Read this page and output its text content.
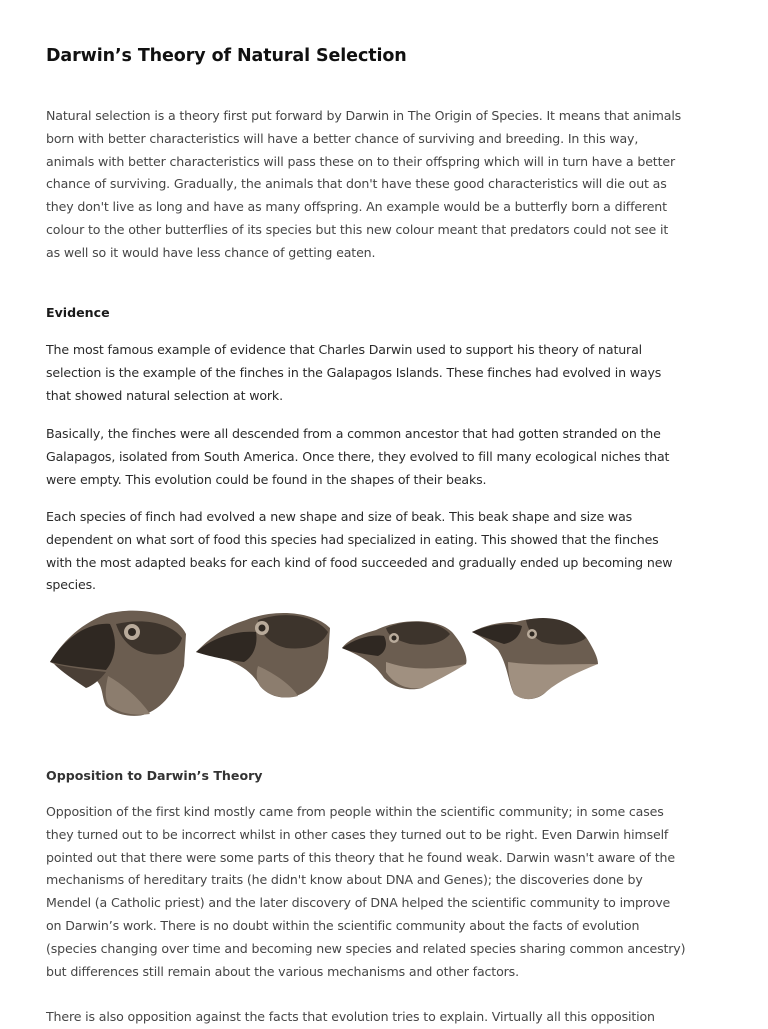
Darwin’s Theory of Natural Selection

Natural selection is a theory first put forward by Darwin in The Origin of Species. It means that animals
born with better characteristics will have a better chance of surviving and breeding. In this way,
animals with better characteristics will pass these on to their offspring which will in turn have a better
chance of surviving. Gradually, the animals that don't have these good characteristics will die out as
they don't live as long and have as many offspring. An example would be a butterfly born a different
colour to the other butterflies of its species but this new colour meant that predators could not see it
as well so it would have less chance of getting eaten.

Evidence

The most famous example of evidence that Charles Darwin used to support his theory of natural
selection is the example of the finches in the Galapagos Islands. These finches had evolved in ways
that showed natural selection at work.

Basically, the finches were all descended from a common ancestor that had gotten stranded on the
Galapagos, isolated from South America. Once there, they evolved to fill many ecological niches that
were empty. This evolution could be found in the shapes of their beaks.

Each species of finch had evolved a new shape and size of beak. This beak shape and size was
dependent on what sort of food this species had specialized in eating. This showed that the finches
with the most adapted beaks for each kind of food succeeded and gradually ended up becoming new
species.

Opposition to Darwin’s Theory

Opposition of the first kind mostly came from people within the scientific community; in some cases
they turned out to be incorrect whilst in other cases they turned out to be right. Even Darwin himself
pointed out that there were some parts of this theory that he found weak. Darwin wasn't aware of the
mechanisms of hereditary traits (he didn't know about DNA and Genes); the discoveries done by
Mendel (a Catholic priest) and the later discovery of DNA helped the scientific community to improve
on Darwin’s work. There is no doubt within the scientific community about the facts of evolution
(species changing over time and becoming new species and related species sharing common ancestry)
but differences still remain about the various mechanisms and other factors.

There is also opposition against the facts that evolution tries to explain. Virtually all this opposition
